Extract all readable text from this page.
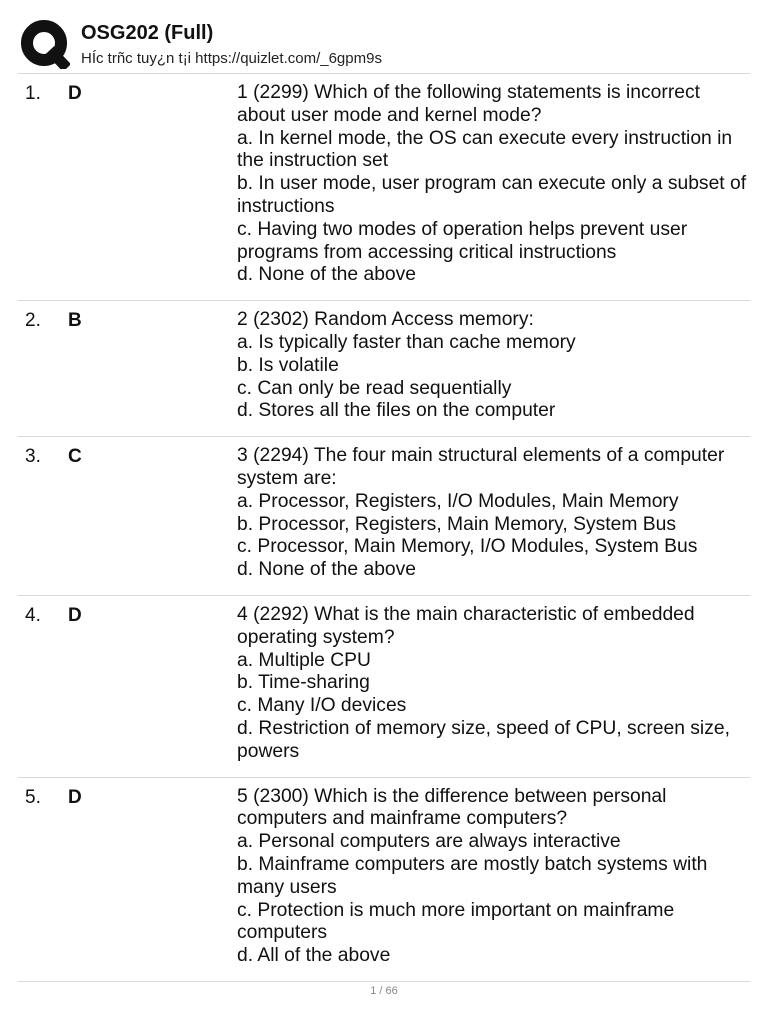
OSG202 (Full)
HÍc trñc tuy¿n t¡i https://quizlet.com/_6gpm9s
1. D	1 (2299) Which of the following statements is incorrect about user mode and kernel mode?
a. In kernel mode, the OS can execute every instruction in the instruction set
b. In user mode, user program can execute only a subset of instructions
c. Having two modes of operation helps prevent user programs from accessing critical instructions
d. None of the above
2. B	2 (2302) Random Access memory:
a. Is typically faster than cache memory
b. Is volatile
c. Can only be read sequentially
d. Stores all the files on the computer
3. C	3 (2294) The four main structural elements of a computer system are:
a. Processor, Registers, I/O Modules, Main Memory
b. Processor, Registers, Main Memory, System Bus
c. Processor, Main Memory, I/O Modules, System Bus
d. None of the above
4. D	4 (2292) What is the main characteristic of embedded operating system?
a. Multiple CPU
b. Time-sharing
c. Many I/O devices
d. Restriction of memory size, speed of CPU, screen size, powers
5. D	5 (2300) Which is the difference between personal computers and mainframe computers?
a. Personal computers are always interactive
b. Mainframe computers are mostly batch systems with many users
c. Protection is much more important on mainframe computers
d. All of the above
1 / 66
